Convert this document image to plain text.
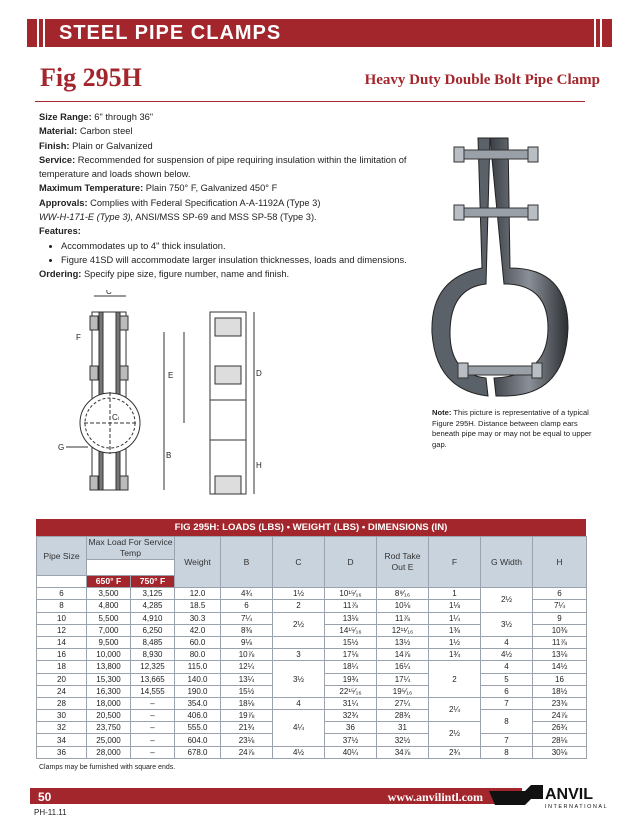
STEEL PIPE CLAMPS
Fig 295H	Heavy Duty Double Bolt Pipe Clamp
Size Range: 6" through 36"
Material: Carbon steel
Finish: Plain or Galvanized
Service: Recommended for suspension of pipe requiring insulation within the limitation of temperature and loads shown below.
Maximum Temperature: Plain 750° F, Galvanized 450° F
Approvals: Complies with Federal Specification A-A-1192A (Type 3)
WW-H-171-E (Type 3), ANSI/MSS SP-69 and MSS SP-58 (Type 3).
Features:
• Accommodates up to 4" thick insulation.
• Figure 41SD will accommodate larger insulation thicknesses, loads and dimensions.
Ordering: Specify pipe size, figure number, name and finish.
Note: This picture is representative of a typical Figure 295H. Distance between clamp ears beneath pipe may or may not be equal to upper gap.
C
F
E	D
Cₗ
G
B
H
FIG 295H: LOADS (LBS) • WEIGHT (LBS) • DIMENSIONS (IN)
Pipe Size	Max Load For Service Temp		Weight	B	C	D	Rod Take Out E	F	G Width	H

	650° F	750° F								
6	3,500	3,125	12.0	4¾	1½	10¹⁵⁄₁₆	8⁹⁄₁₆	1	2½	6
8	4,800	4,285	18.5	6	2	11⅞	10⅛	1⅛		7¼
10	5,500	4,910	30.3	7¼	2½	13⅛	11⅞	1¼	3½	9
12	7,000	6,250	42.0	8⅜		14¹⁵⁄₁₆	12¹¹⁄₁₆	1⅜		10⅜
14	9,500	8,485	60.0	9⅛		15½	13½	1½	4	11⅞
16	10,000	8,930	80.0	10⅞	3	17⅛	14⅞	1¾	4½	13⅛
18	13,800	12,325	115.0	12¼	3½	18¼	16¼	2	4	14½
20	15,300	13,665	140.0	13¼		19¾	17¼		5	16
24	16,300	14,555	190.0	15½		22¹⁵⁄₁₆	19⁵⁄₁₆		6	18½
28	18,000	–	354.0	18⅛	4	31¼	27¼	2¼	7	23⅜
30	20,500	–	406.0	19⅞	4¼	32¾	28¾		8	24⅞
32	23,750	–	555.0	21¾		36	31	2½		26¾
34	25,000	–	604.0	23⅛		37½	32½		7	28⅛
36	28,000	–	678.0	24⅞	4½	40¼	34⅞	2¾	8	30⅛
Clamps may be furnished with square ends.
50	www.anvilintl.com
PH-11.11
ANVIL
INTERNATIONAL
